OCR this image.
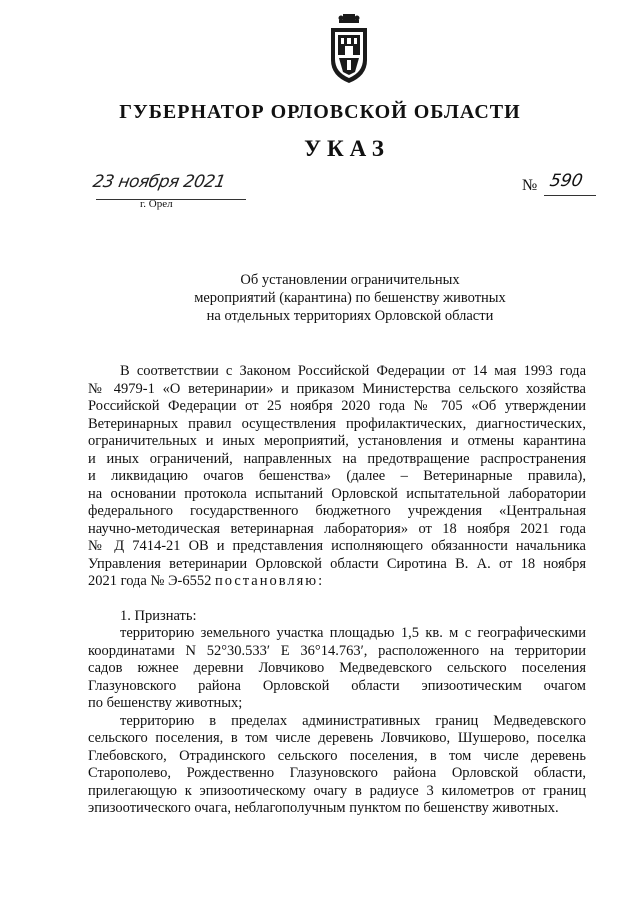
ГУБЕРНАТОР ОРЛОВСКОЙ ОБЛАСТИ
УКАЗ
23 ноября 2021
г. Орел
№ 590
Об установлении ограничительных
мероприятий (карантина) по бешенству животных
на отдельных территориях Орловской области
В соответствии с Законом Российской Федерации от 14 мая 1993 года
№ 4979-1 «О ветеринарии» и приказом Министерства сельского хозяйства
Российской Федерации от 25 ноября 2020 года № 705 «Об утверждении
Ветеринарных правил осуществления профилактических, диагностических,
ограничительных и иных мероприятий, установления и отмены карантина
и иных ограничений, направленных на предотвращение распространения
и ликвидацию очагов бешенства» (далее – Ветеринарные правила),
на основании протокола испытаний Орловской испытательной лаборатории
федерального государственного бюджетного учреждения «Центральная
научно-методическая ветеринарная лаборатория» от 18 ноября 2021 года
№ Д 7414-21 ОВ и представления исполняющего обязанности начальника
Управления ветеринарии Орловской области Сиротина В. А. от 18 ноября
2021 года № Э-6552 постановляю:
1. Признать:
территорию земельного участка площадью 1,5 кв. м с географическими
координатами N 52°30.533′ E 36°14.763′, расположенного на территории
садов южнее деревни Ловчиково Медведевского сельского поселения
Глазуновского района Орловской области эпизоотическим очагом
по бешенству животных;
территорию в пределах административных границ Медведевского
сельского поселения, в том числе деревень Ловчиково, Шушерово, поселка
Глебовского, Отрадинского сельского поселения, в том числе деревень
Старополево, Рождественно Глазуновского района Орловской области,
прилегающую к эпизоотическому очагу в радиусе 3 километров от границ
эпизоотического очага, неблагополучным пунктом по бешенству животных.
